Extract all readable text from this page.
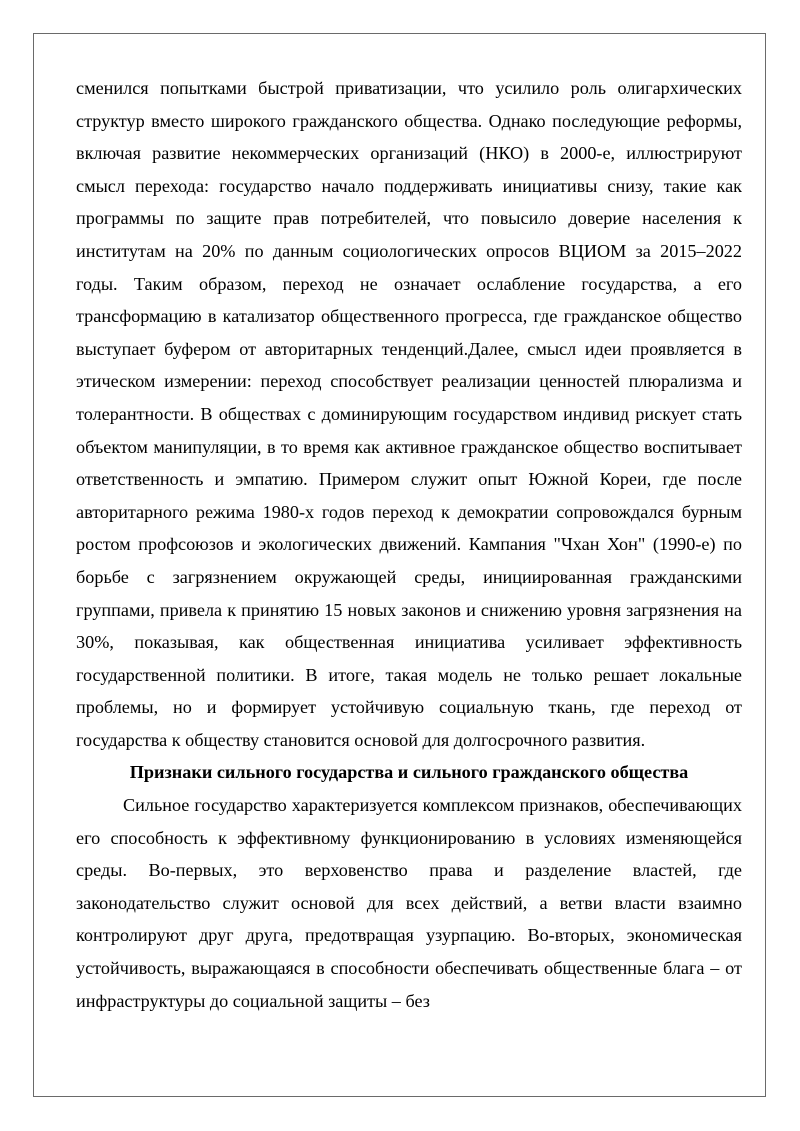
сменился попытками быстрой приватизации, что усилило роль олигархических структур вместо широкого гражданского общества. Однако последующие реформы, включая развитие некоммерческих организаций (НКО) в 2000-е, иллюстрируют смысл перехода: государство начало поддерживать инициативы снизу, такие как программы по защите прав потребителей, что повысило доверие населения к институтам на 20% по данным социологических опросов ВЦИОМ за 2015–2022 годы. Таким образом, переход не означает ослабление государства, а его трансформацию в катализатор общественного прогресса, где гражданское общество выступает буфером от авторитарных тенденций.Далее, смысл идеи проявляется в этическом измерении: переход способствует реализации ценностей плюрализма и толерантности. В обществах с доминирующим государством индивид рискует стать объектом манипуляции, в то время как активное гражданское общество воспитывает ответственность и эмпатию. Примером служит опыт Южной Кореи, где после авторитарного режима 1980-х годов переход к демократии сопровождался бурным ростом профсоюзов и экологических движений. Кампания "Чхан Хон" (1990-е) по борьбе с загрязнением окружающей среды, инициированная гражданскими группами, привела к принятию 15 новых законов и снижению уровня загрязнения на 30%, показывая, как общественная инициатива усиливает эффективность государственной политики. В итоге, такая модель не только решает локальные проблемы, но и формирует устойчивую социальную ткань, где переход от государства к обществу становится основой для долгосрочного развития.

Признаки сильного государства и сильного гражданского общества

Сильное государство характеризуется комплексом признаков, обеспечивающих его способность к эффективному функционированию в условиях изменяющейся среды. Во-первых, это верховенство права и разделение властей, где законодательство служит основой для всех действий, а ветви власти взаимно контролируют друг друга, предотвращая узурпацию. Во-вторых, экономическая устойчивость, выражающаяся в способности обеспечивать общественные блага – от инфраструктуры до социальной защиты – без
